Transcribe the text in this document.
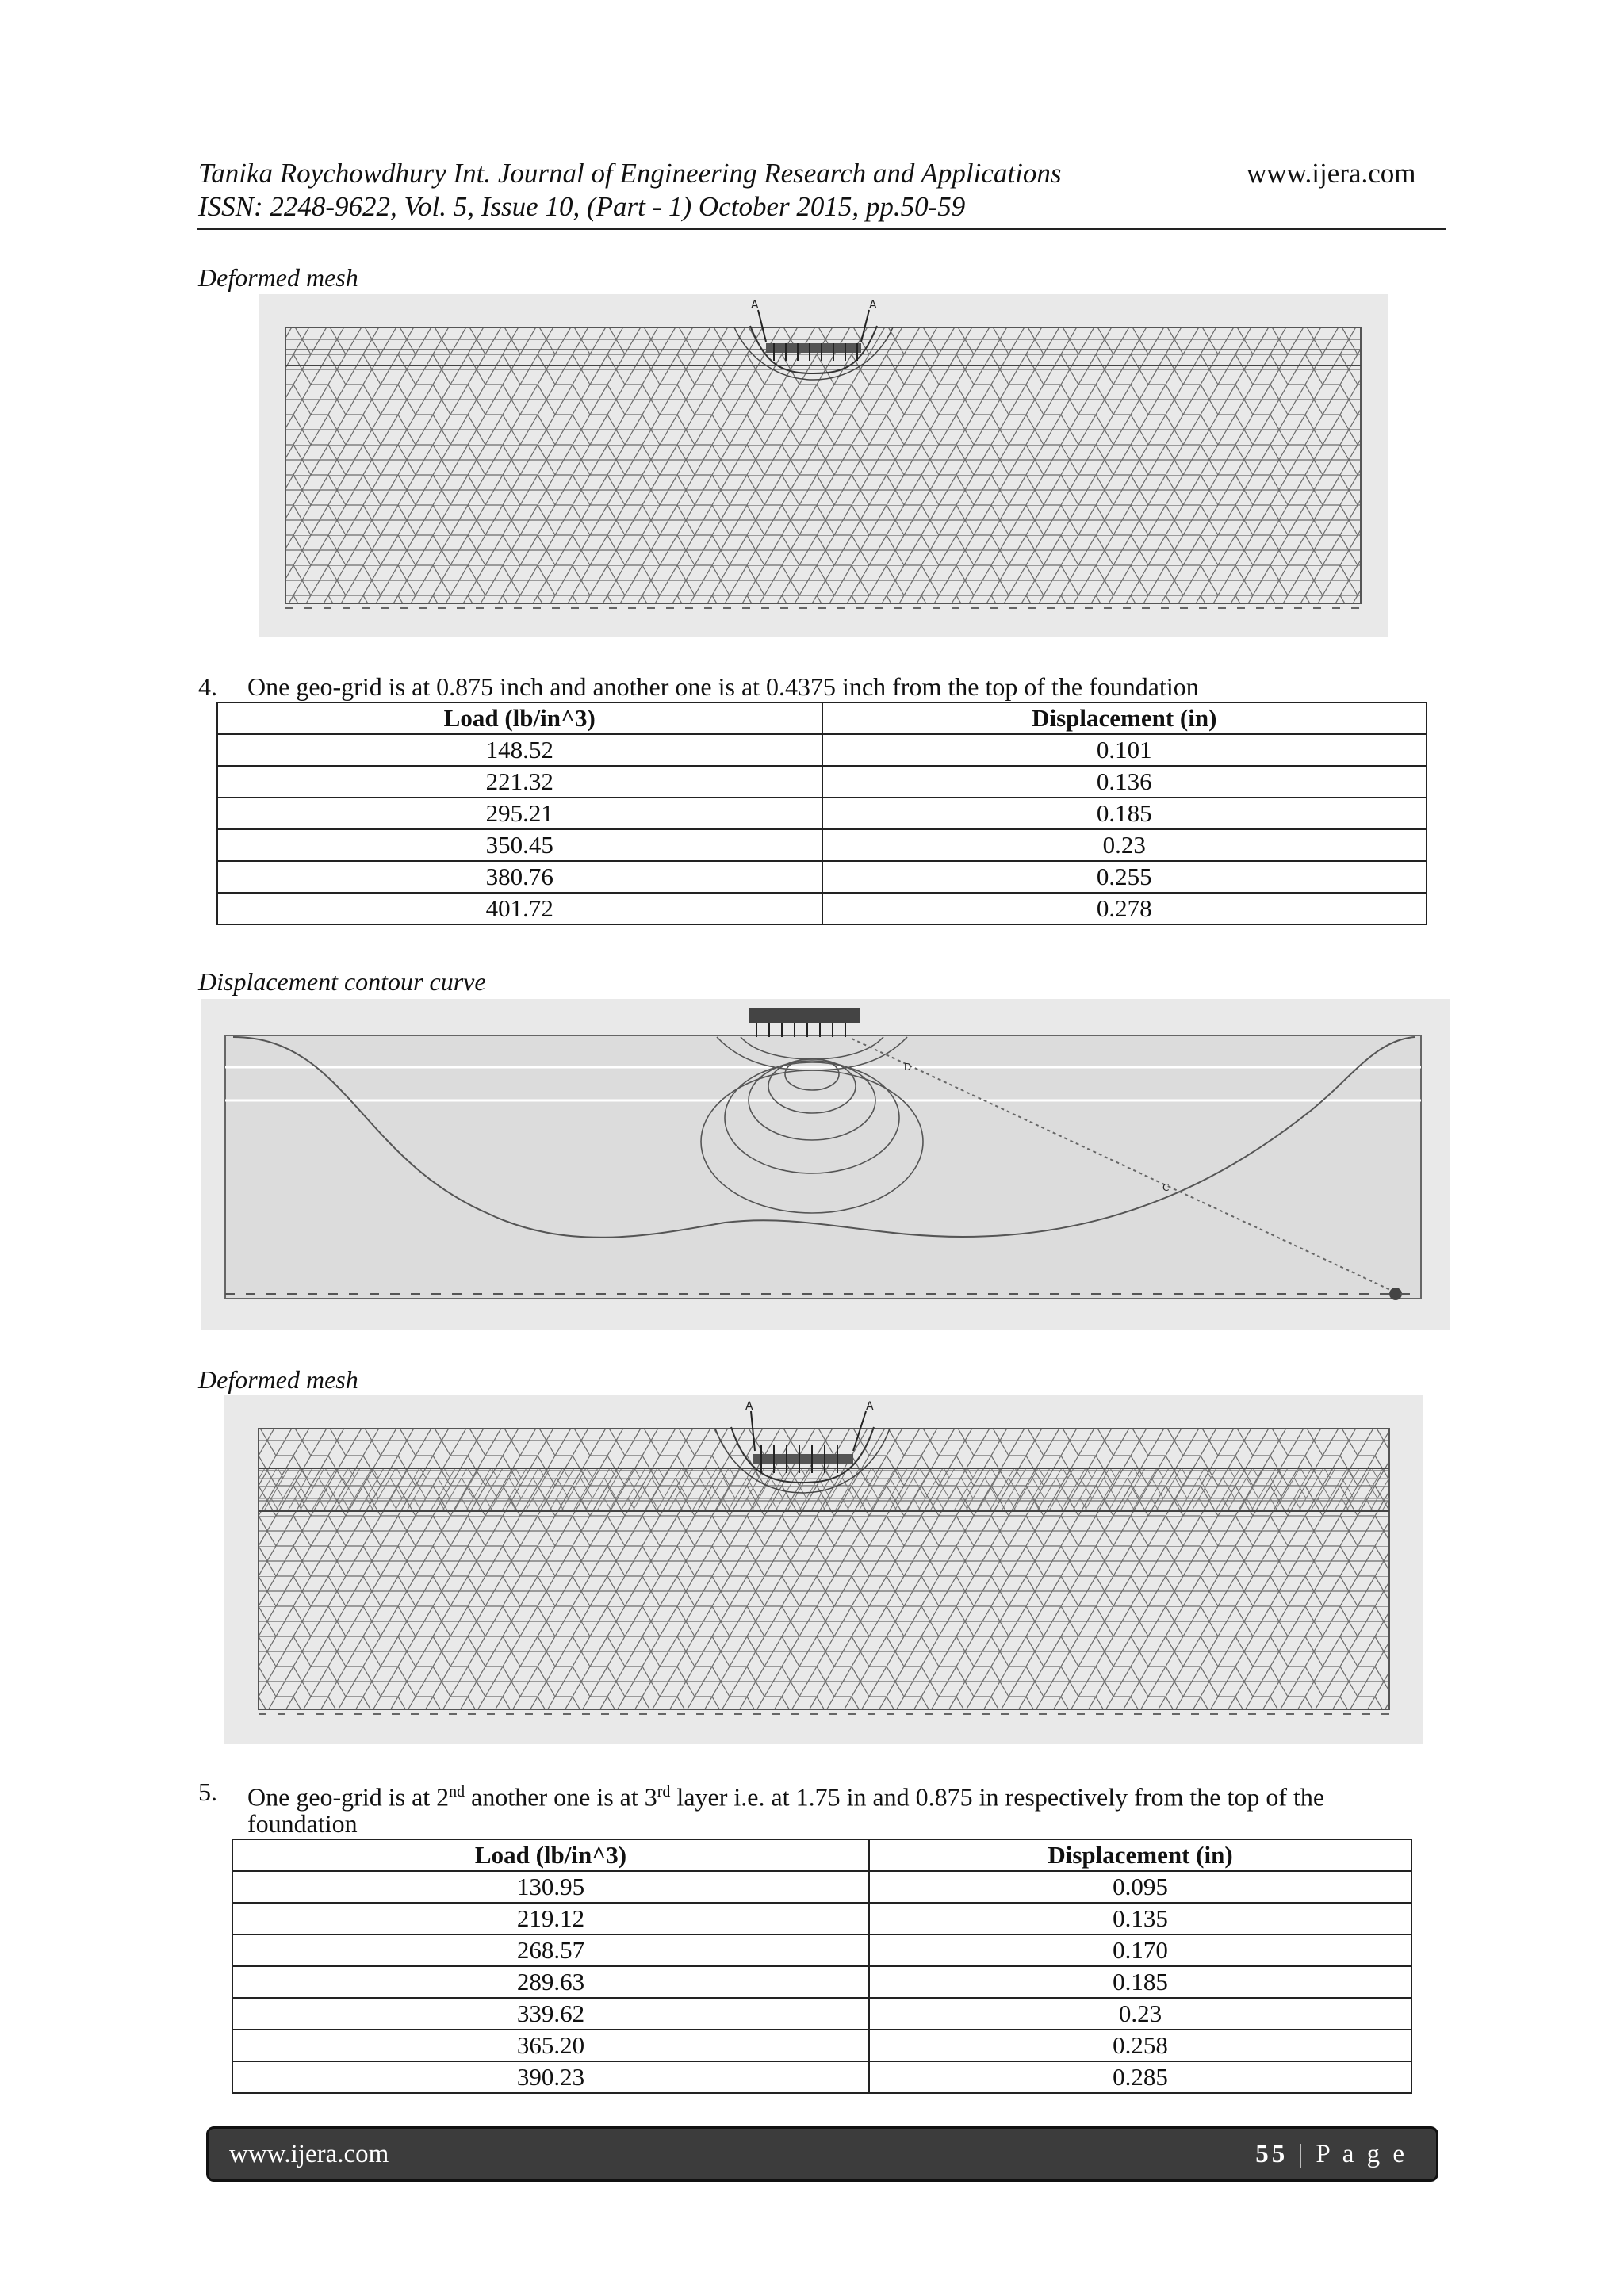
Tanika Roychowdhury Int. Journal of Engineering Research and Applications	www.ijera.com
ISSN: 2248-9622, Vol. 5, Issue 10, (Part - 1) October 2015, pp.50-59
Deformed mesh
A	A
4. One geo-grid is at 0.875 inch and another one is at 0.4375 inch from the top of the foundation
Load (lb/in^3)	Displacement (in)
148.52	0.101
221.32	0.136
295.21	0.185
350.45	0.23
380.76	0.255
401.72	0.278
Displacement contour curve
D
C
Deformed mesh
A	A
5. One geo-grid is at 2nd another one is at 3rd layer i.e. at 1.75 in and 0.875 in respectively from the top of the
foundation
Load (lb/in^3)	Displacement (in)
130.95	0.095
219.12	0.135
268.57	0.170
289.63	0.185
339.62	0.23
365.20	0.258
390.23	0.285
www.ijera.com	55 | P a g e
